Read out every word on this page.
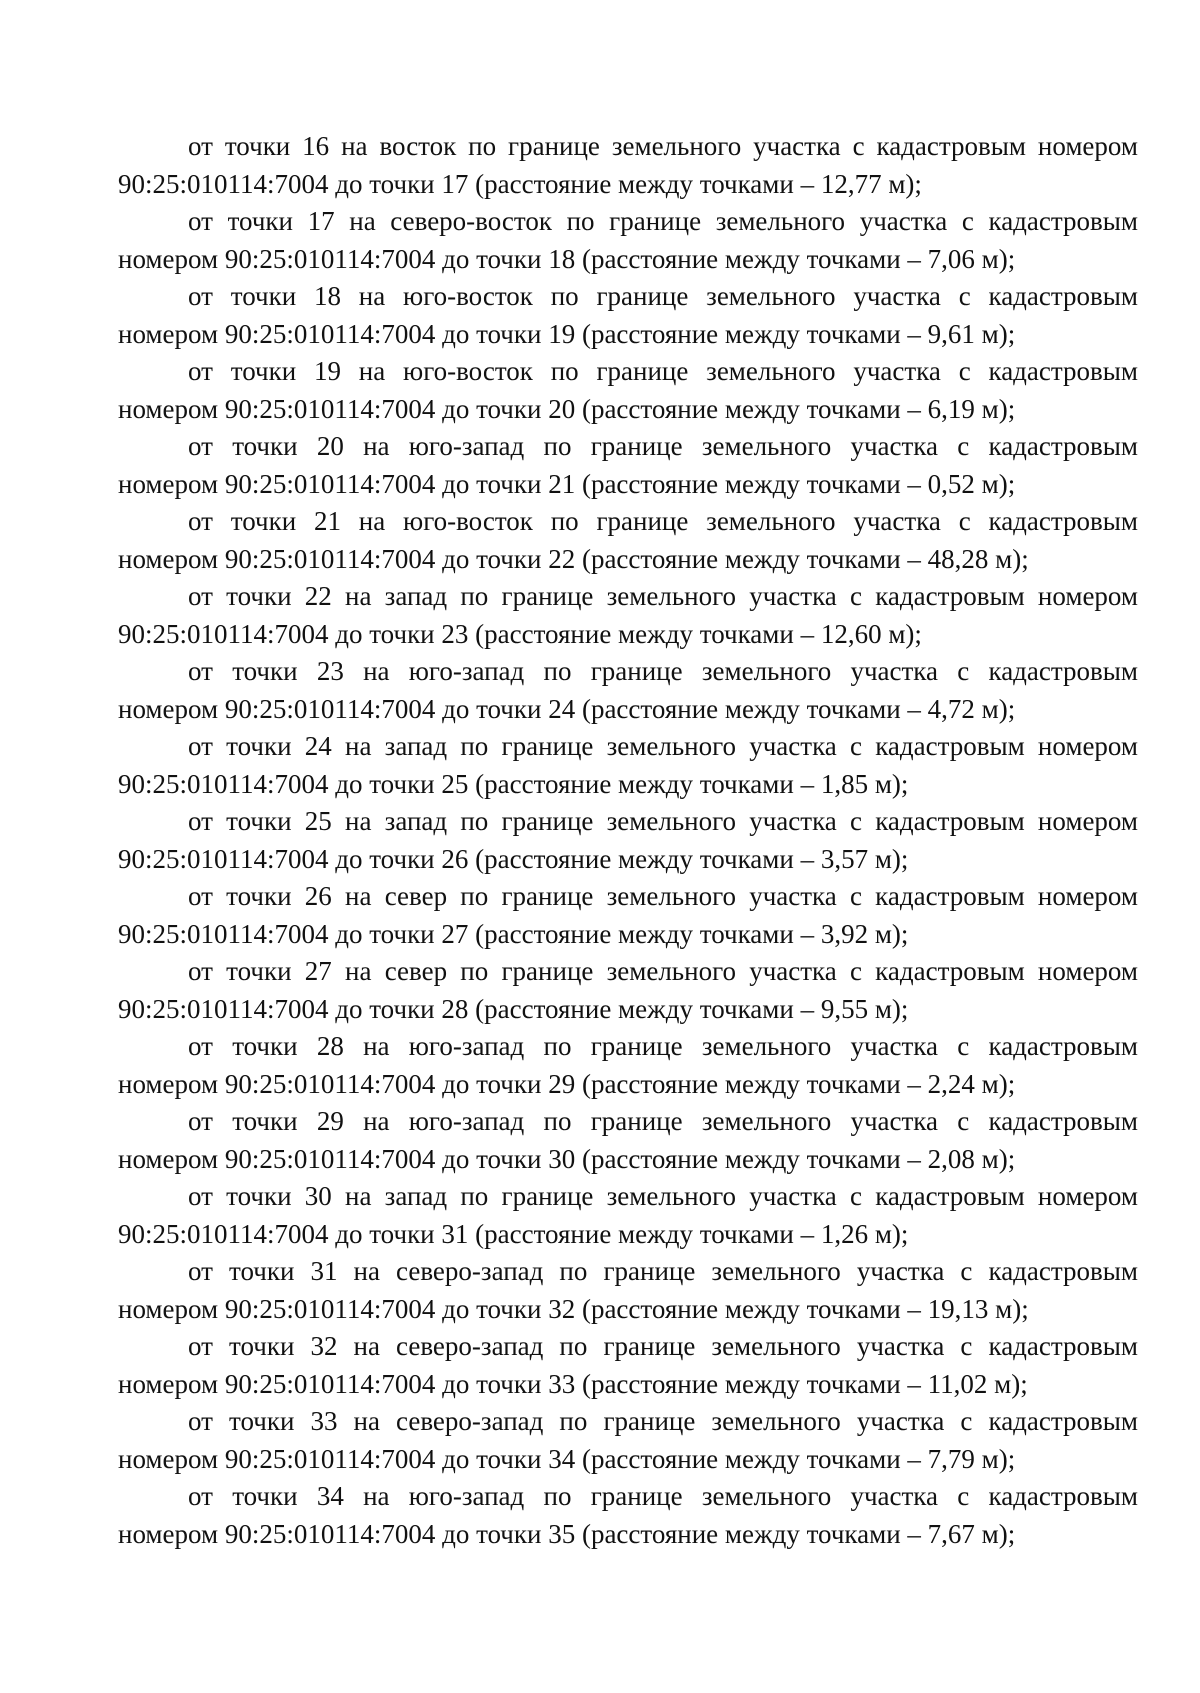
от точки 16 на восток по границе земельного участка с кадастровым номером
90:25:010114:7004 до точки 17 (расстояние между точками – 12,77 м);
от точки 17 на северо-восток по границе земельного участка с кадастровым
номером 90:25:010114:7004 до точки 18 (расстояние между точками – 7,06 м);
от точки 18 на юго-восток по границе земельного участка с кадастровым
номером 90:25:010114:7004 до точки 19 (расстояние между точками – 9,61 м);
от точки 19 на юго-восток по границе земельного участка с кадастровым
номером 90:25:010114:7004 до точки 20 (расстояние между точками – 6,19 м);
от точки 20 на юго-запад по границе земельного участка с кадастровым
номером 90:25:010114:7004 до точки 21 (расстояние между точками – 0,52 м);
от точки 21 на юго-восток по границе земельного участка с кадастровым
номером 90:25:010114:7004 до точки 22 (расстояние между точками – 48,28 м);
от точки 22 на запад по границе земельного участка с кадастровым номером
90:25:010114:7004 до точки 23 (расстояние между точками – 12,60 м);
от точки 23 на юго-запад по границе земельного участка с кадастровым
номером 90:25:010114:7004 до точки 24 (расстояние между точками – 4,72 м);
от точки 24 на запад по границе земельного участка с кадастровым номером
90:25:010114:7004 до точки 25 (расстояние между точками – 1,85 м);
от точки 25 на запад по границе земельного участка с кадастровым номером
90:25:010114:7004 до точки 26 (расстояние между точками – 3,57 м);
от точки 26 на север по границе земельного участка с кадастровым номером
90:25:010114:7004 до точки 27 (расстояние между точками – 3,92 м);
от точки 27 на север по границе земельного участка с кадастровым номером
90:25:010114:7004 до точки 28 (расстояние между точками – 9,55 м);
от точки 28 на юго-запад по границе земельного участка с кадастровым
номером 90:25:010114:7004 до точки 29 (расстояние между точками – 2,24 м);
от точки 29 на юго-запад по границе земельного участка с кадастровым
номером 90:25:010114:7004 до точки 30 (расстояние между точками – 2,08 м);
от точки 30 на запад по границе земельного участка с кадастровым номером
90:25:010114:7004 до точки 31 (расстояние между точками – 1,26 м);
от точки 31 на северо-запад по границе земельного участка с кадастровым
номером 90:25:010114:7004 до точки 32 (расстояние между точками – 19,13 м);
от точки 32 на северо-запад по границе земельного участка с кадастровым
номером 90:25:010114:7004 до точки 33 (расстояние между точками – 11,02 м);
от точки 33 на северо-запад по границе земельного участка с кадастровым
номером 90:25:010114:7004 до точки 34 (расстояние между точками – 7,79 м);
от точки 34 на юго-запад по границе земельного участка с кадастровым
номером 90:25:010114:7004 до точки 35 (расстояние между точками – 7,67 м);
